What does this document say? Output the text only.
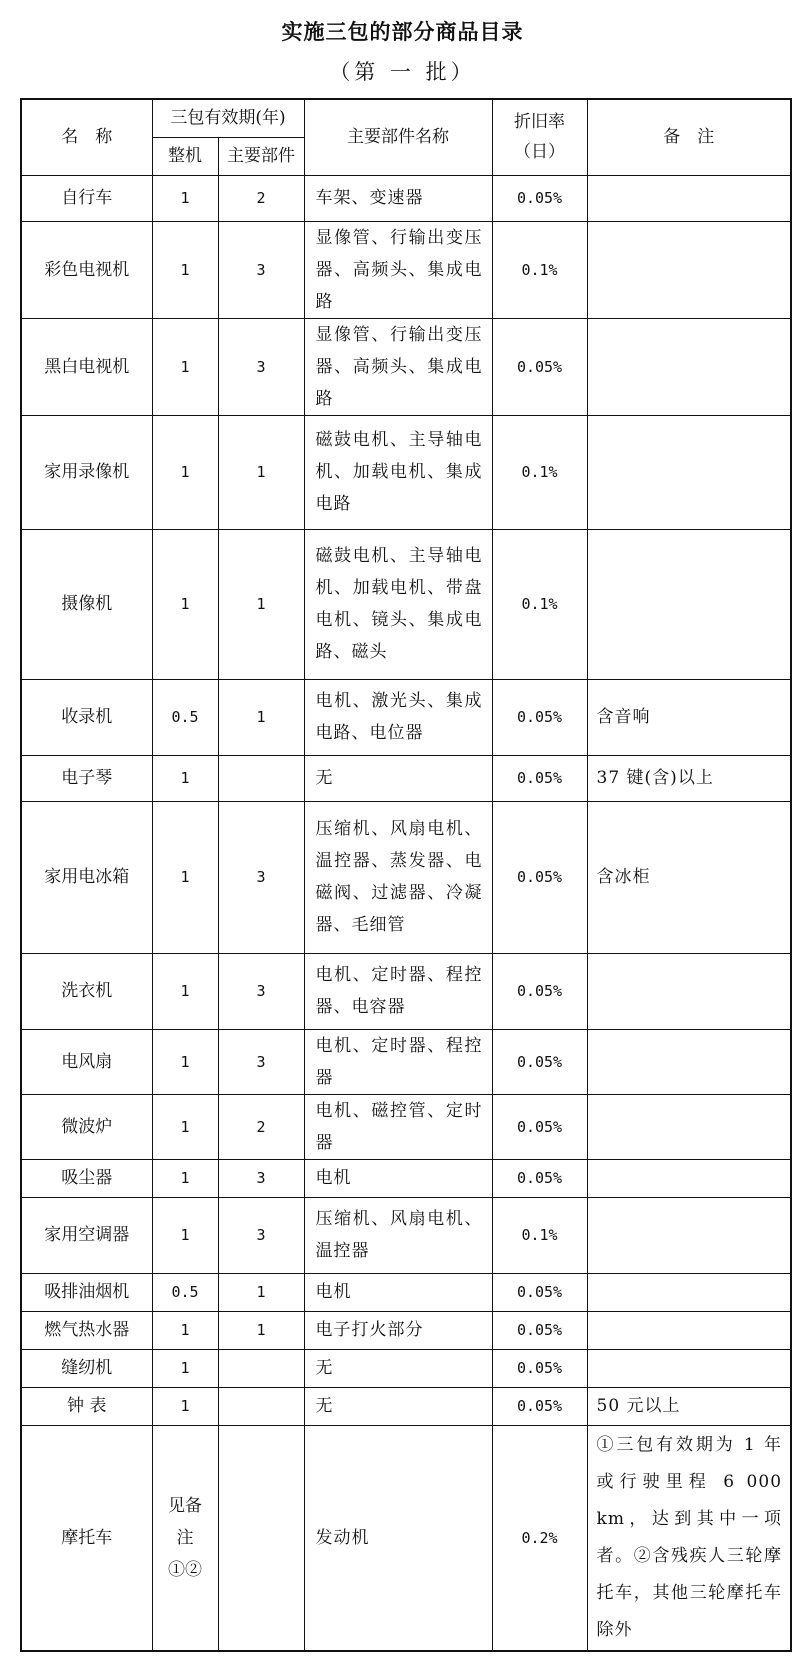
实施三包的部分商品目录
（第 一 批）
名　称	三包有效期(年)		主要部件名称	折旧率（日）	备　注
	整机	主要部件			
自行车	1	2	车架、变速器	0.05%	
彩色电视机	1	3	显像管、行输出变压器、高频头、集成电路	0.1%	
黑白电视机	1	3	显像管、行输出变压器、高频头、集成电路	0.05%	
家用录像机	1	1	磁鼓电机、主导轴电机、加载电机、集成电路	0.1%	
摄像机	1	1	磁鼓电机、主导轴电机、加载电机、带盘电机、镜头、集成电路、磁头	0.1%	
收录机	0.5	1	电机、激光头、集成电路、电位器	0.05%	含音响
电子琴	1		无	0.05%	37 键(含)以上
家用电冰箱	1	3	压缩机、风扇电机、温控器、蒸发器、电磁阀、过滤器、冷凝器、毛细管	0.05%	含冰柜
洗衣机	1	3	电机、定时器、程控器、电容器	0.05%	
电风扇	1	3	电机、定时器、程控器	0.05%	
微波炉	1	2	电机、磁控管、定时器	0.05%	
吸尘器	1	3	电机	0.05%	
家用空调器	1	3	压缩机、风扇电机、温控器	0.1%	
吸排油烟机	0.5	1	电机	0.05%	
燃气热水器	1	1	电子打火部分	0.05%	
缝纫机	1		无	0.05%	
钟 表	1		无	0.05%	50 元以上
摩托车	见备注①②		发动机	0.2%	①三包有效期为 1 年或行驶里程 6 000 km，达到其中一项者。②含残疾人三轮摩托车，其他三轮摩托车除外
